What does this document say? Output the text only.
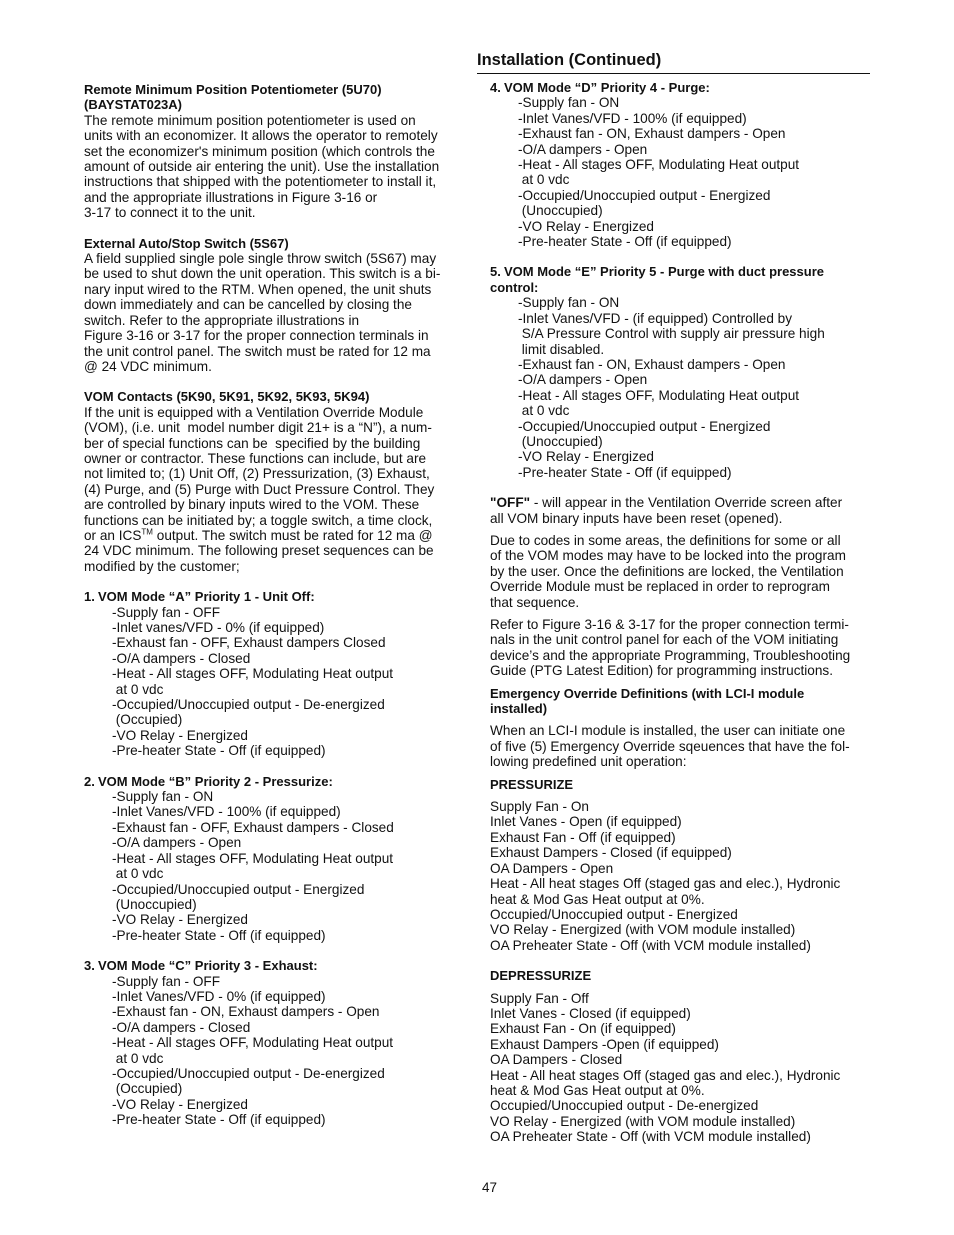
Installation (Continued)
Remote Minimum Position Potentiometer (5U70)
(BAYSTAT023A)
The remote minimum position potentiometer is used on
units with an economizer. It allows the operator to remotely
set the economizer's minimum position (which controls the
amount of outside air entering the unit). Use the installation
instructions that shipped with the potentiometer to install it,
and the appropriate illustrations in Figure 3-16 or
3-17 to connect it to the unit.
External Auto/Stop Switch (5S67)
A field supplied single pole single throw switch (5S67) may
be used to shut down the unit operation. This switch is a bi-
nary input wired to the RTM. When opened, the unit shuts
down immediately and can be cancelled by closing the
switch. Refer to the appropriate illustrations in
Figure 3-16 or 3-17 for the proper connection terminals in
the unit control panel. The switch must be rated for 12 ma
@ 24 VDC minimum.
VOM Contacts (5K90, 5K91, 5K92, 5K93, 5K94)
If the unit is equipped with a Ventilation Override Module
(VOM), (i.e. unit  model number digit 21+ is a “N”), a num-
ber of special functions can be  specified by the building
owner or contractor. These functions can include, but are
not limited to; (1) Unit Off, (2) Pressurization, (3) Exhaust,
(4) Purge, and (5) Purge with Duct Pressure Control. They
are controlled by binary inputs wired to the VOM. These
functions can be initiated by; a toggle switch, a time clock,
or an ICS™ output. The switch must be rated for 12 ma @
24 VDC minimum. The following preset sequences can be
modified by the customer;
1. VOM Mode “A” Priority 1 - Unit Off:
-Supply fan - OFF
-Inlet vanes/VFD - 0% (if equipped)
-Exhaust fan - OFF, Exhaust dampers Closed
-O/A dampers - Closed
-Heat - All stages OFF, Modulating Heat output
at 0 vdc
-Occupied/Unoccupied output - De-energized
(Occupied)
-VO Relay - Energized
-Pre-heater State - Off (if equipped)
2. VOM Mode “B” Priority 2 - Pressurize:
-Supply fan - ON
-Inlet Vanes/VFD - 100% (if equipped)
-Exhaust fan - OFF, Exhaust dampers - Closed
-O/A dampers - Open
-Heat - All stages OFF, Modulating Heat output
at 0 vdc
-Occupied/Unoccupied output - Energized
(Unoccupied)
-VO Relay - Energized
-Pre-heater State - Off (if equipped)
3. VOM Mode “C” Priority 3 - Exhaust:
-Supply fan - OFF
-Inlet Vanes/VFD - 0% (if equipped)
-Exhaust fan - ON, Exhaust dampers - Open
-O/A dampers - Closed
-Heat - All stages OFF, Modulating Heat output
at 0 vdc
-Occupied/Unoccupied output - De-energized
(Occupied)
-VO Relay - Energized
-Pre-heater State - Off (if equipped)
4. VOM Mode “D” Priority 4 - Purge:
-Supply fan - ON
-Inlet Vanes/VFD - 100% (if equipped)
-Exhaust fan - ON, Exhaust dampers - Open
-O/A dampers - Open
-Heat - All stages OFF, Modulating Heat output
at 0 vdc
-Occupied/Unoccupied output - Energized
(Unoccupied)
-VO Relay - Energized
-Pre-heater State - Off (if equipped)
5. VOM Mode “E” Priority 5 - Purge with duct pressure
control:
-Supply fan - ON
-Inlet Vanes/VFD - (if equipped) Controlled by
S/A Pressure Control with supply air pressure high
limit disabled.
-Exhaust fan - ON, Exhaust dampers - Open
-O/A dampers - Open
-Heat - All stages OFF, Modulating Heat output
at 0 vdc
-Occupied/Unoccupied output - Energized
(Unoccupied)
-VO Relay - Energized
-Pre-heater State - Off (if equipped)
"OFF" - will appear in the Ventilation Override screen after
all VOM binary inputs have been reset (opened).
Due to codes in some areas, the definitions for some or all
of the VOM modes may have to be locked into the program
by the user. Once the definitions are locked, the Ventilation
Override Module must be replaced in order to reprogram
that sequence.
Refer to Figure 3-16 & 3-17 for the proper connection termi-
nals in the unit control panel for each of the VOM initiating
device’s and the appropriate Programming, Troubleshooting
Guide (PTG Latest Edition) for programming instructions.
Emergency Override Definitions (with LCI-I module
installed)
When an LCI-I module is installed, the user can initiate one
of five (5) Emergency Override sqeuences that have the fol-
lowing predefined unit operation:
PRESSURIZE
Supply Fan - On
Inlet Vanes - Open (if equipped)
Exhaust Fan - Off (if equipped)
Exhaust Dampers - Closed (if equipped)
OA Dampers - Open
Heat - All heat stages Off (staged gas and elec.), Hydronic
heat & Mod Gas Heat output at 0%.
Occupied/Unoccupied output - Energized
VO Relay - Energized (with VOM module installed)
OA Preheater State - Off (with VCM module installed)
DEPRESSURIZE
Supply Fan - Off
Inlet Vanes - Closed (if equipped)
Exhaust Fan - On (if equipped)
Exhaust Dampers -Open (if equipped)
OA Dampers - Closed
Heat - All heat stages Off (staged gas and elec.), Hydronic
heat & Mod Gas Heat output at 0%.
Occupied/Unoccupied output - De-energized
VO Relay - Energized (with VOM module installed)
OA Preheater State - Off (with VCM module installed)
47
